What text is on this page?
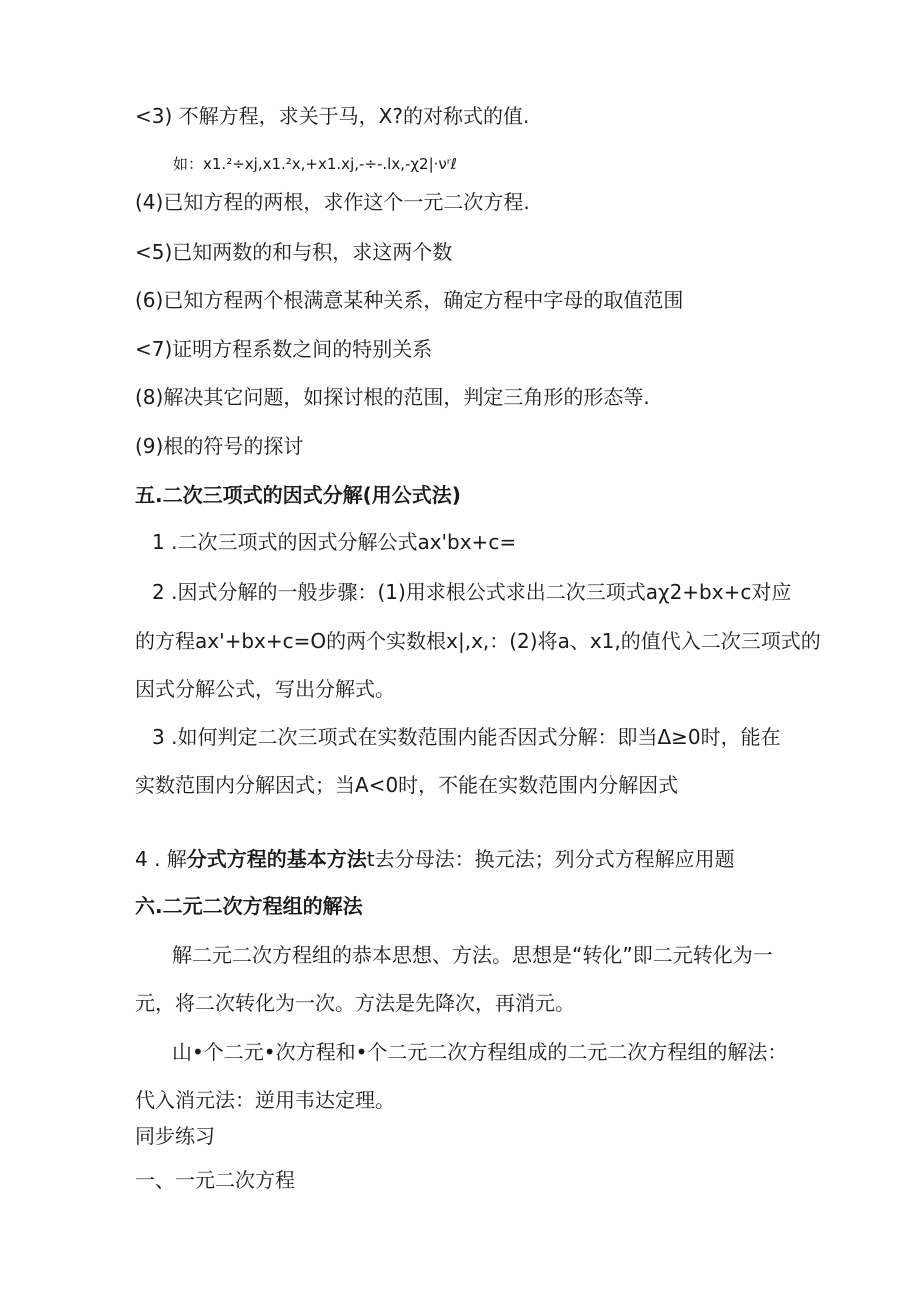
<3) 不解方程，求关于马，X?的对称式的值.
如：x1.²÷xj,x1.²x,+x1.xj,-÷-.lx,-χ2|·νʳℓ
(4)已知方程的两根，求作这个一元二次方程.
<5)已知两数的和与积，求这两个数
(6)已知方程两个根满意某种关系，确定方程中字母的取值范围
<7)证明方程系数之间的特别关系
(8)解决其它问题，如探讨根的范围，判定三角形的形态等.
(9)根的符号的探讨
五.二次三项式的因式分解(用公式法)
1 .二次三项式的因式分解公式ax'bx+c=
2 .因式分解的一般步骤：(1)用求根公式求出二次三项式aχ2+bx+c对应
的方程ax'+bx+c=O的两个实数根x|,x,：(2)将a、x1,的值代入二次三项式的
因式分解公式，写出分解式。
3 .如何判定二次三项式在实数范围内能否因式分解：即当Δ≥0时，能在
实数范围内分解因式；当A<0时，不能在实数范围内分解因式
4 . 解分式方程的基本方法t去分母法：换元法；列分式方程解应用题
六.二元二次方程组的解法
解二元二次方程组的恭本思想、方法。思想是“转化”即二元转化为一
元，将二次转化为一次。方法是先降次，再消元。
山•个二元•次方程和•个二元二次方程组成的二元二次方程组的解法：
代入消元法：逆用韦达定理。
同步练习
一、一元二次方程
